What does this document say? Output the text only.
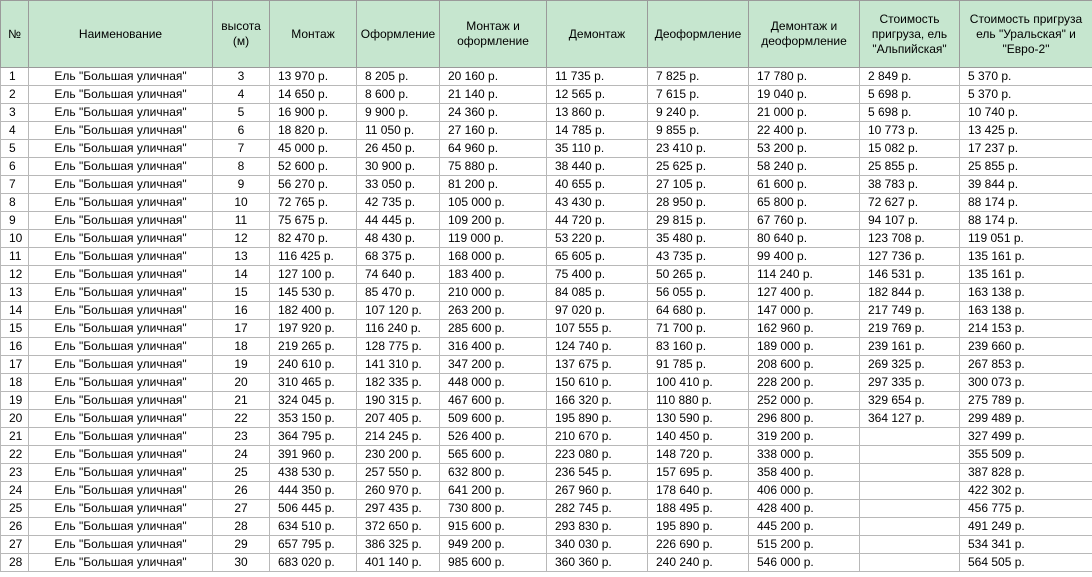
№	Наименование	высота (м)	Монтаж	Оформление	Монтаж и оформление	Демонтаж	Деоформление	Демонтаж и деоформление	Стоимость пригруза, ель "Альпийская"	Стоимость пригруза ель "Уральская" и "Евро-2"
1	Ель "Большая уличная"	3	13 970 р.	8 205 р.	20 160 р.	11 735 р.	7 825 р.	17 780 р.	2 849 р.	5 370 р.
2	Ель "Большая уличная"	4	14 650 р.	8 600 р.	21 140 р.	12 565 р.	7 615 р.	19 040 р.	5 698 р.	5 370 р.
3	Ель "Большая уличная"	5	16 900 р.	9 900 р.	24 360 р.	13 860 р.	9 240 р.	21 000 р.	5 698 р.	10 740 р.
4	Ель "Большая уличная"	6	18 820 р.	11 050 р.	27 160 р.	14 785 р.	9 855 р.	22 400 р.	10 773 р.	13 425 р.
5	Ель "Большая уличная"	7	45 000 р.	26 450 р.	64 960 р.	35 110 р.	23 410 р.	53 200 р.	15 082 р.	17 237 р.
6	Ель "Большая уличная"	8	52 600 р.	30 900 р.	75 880 р.	38 440 р.	25 625 р.	58 240 р.	25 855 р.	25 855 р.
7	Ель "Большая уличная"	9	56 270 р.	33 050 р.	81 200 р.	40 655 р.	27 105 р.	61 600 р.	38 783 р.	39 844 р.
8	Ель "Большая уличная"	10	72 765 р.	42 735 р.	105 000 р.	43 430 р.	28 950 р.	65 800 р.	72 627 р.	88 174 р.
9	Ель "Большая уличная"	11	75 675 р.	44 445 р.	109 200 р.	44 720 р.	29 815 р.	67 760 р.	94 107 р.	88 174 р.
10	Ель "Большая уличная"	12	82 470 р.	48 430 р.	119 000 р.	53 220 р.	35 480 р.	80 640 р.	123 708 р.	119 051 р.
11	Ель "Большая уличная"	13	116 425 р.	68 375 р.	168 000 р.	65 605 р.	43 735 р.	99 400 р.	127 736 р.	135 161 р.
12	Ель "Большая уличная"	14	127 100 р.	74 640 р.	183 400 р.	75 400 р.	50 265 р.	114 240 р.	146 531 р.	135 161 р.
13	Ель "Большая уличная"	15	145 530 р.	85 470 р.	210 000 р.	84 085 р.	56 055 р.	127 400 р.	182 844 р.	163 138 р.
14	Ель "Большая уличная"	16	182 400 р.	107 120 р.	263 200 р.	97 020 р.	64 680 р.	147 000 р.	217 749 р.	163 138 р.
15	Ель "Большая уличная"	17	197 920 р.	116 240 р.	285 600 р.	107 555 р.	71 700 р.	162 960 р.	219 769 р.	214 153 р.
16	Ель "Большая уличная"	18	219 265 р.	128 775 р.	316 400 р.	124 740 р.	83 160 р.	189 000 р.	239 161 р.	239 660 р.
17	Ель "Большая уличная"	19	240 610 р.	141 310 р.	347 200 р.	137 675 р.	91 785 р.	208 600 р.	269 325 р.	267 853 р.
18	Ель "Большая уличная"	20	310 465 р.	182 335 р.	448 000 р.	150 610 р.	100 410 р.	228 200 р.	297 335 р.	300 073 р.
19	Ель "Большая уличная"	21	324 045 р.	190 315 р.	467 600 р.	166 320 р.	110 880 р.	252 000 р.	329 654 р.	275 789 р.
20	Ель "Большая уличная"	22	353 150 р.	207 405 р.	509 600 р.	195 890 р.	130 590 р.	296 800 р.	364 127 р.	299 489 р.
21	Ель "Большая уличная"	23	364 795 р.	214 245 р.	526 400 р.	210 670 р.	140 450 р.	319 200 р.		327 499 р.
22	Ель "Большая уличная"	24	391 960 р.	230 200 р.	565 600 р.	223 080 р.	148 720 р.	338 000 р.		355 509 р.
23	Ель "Большая уличная"	25	438 530 р.	257 550 р.	632 800 р.	236 545 р.	157 695 р.	358 400 р.		387 828 р.
24	Ель "Большая уличная"	26	444 350 р.	260 970 р.	641 200 р.	267 960 р.	178 640 р.	406 000 р.		422 302 р.
25	Ель "Большая уличная"	27	506 445 р.	297 435 р.	730 800 р.	282 745 р.	188 495 р.	428 400 р.		456 775 р.
26	Ель "Большая уличная"	28	634 510 р.	372 650 р.	915 600 р.	293 830 р.	195 890 р.	445 200 р.		491 249 р.
27	Ель "Большая уличная"	29	657 795 р.	386 325 р.	949 200 р.	340 030 р.	226 690 р.	515 200 р.		534 341 р.
28	Ель "Большая уличная"	30	683 020 р.	401 140 р.	985 600 р.	360 360 р.	240 240 р.	546 000 р.		564 505 р.
